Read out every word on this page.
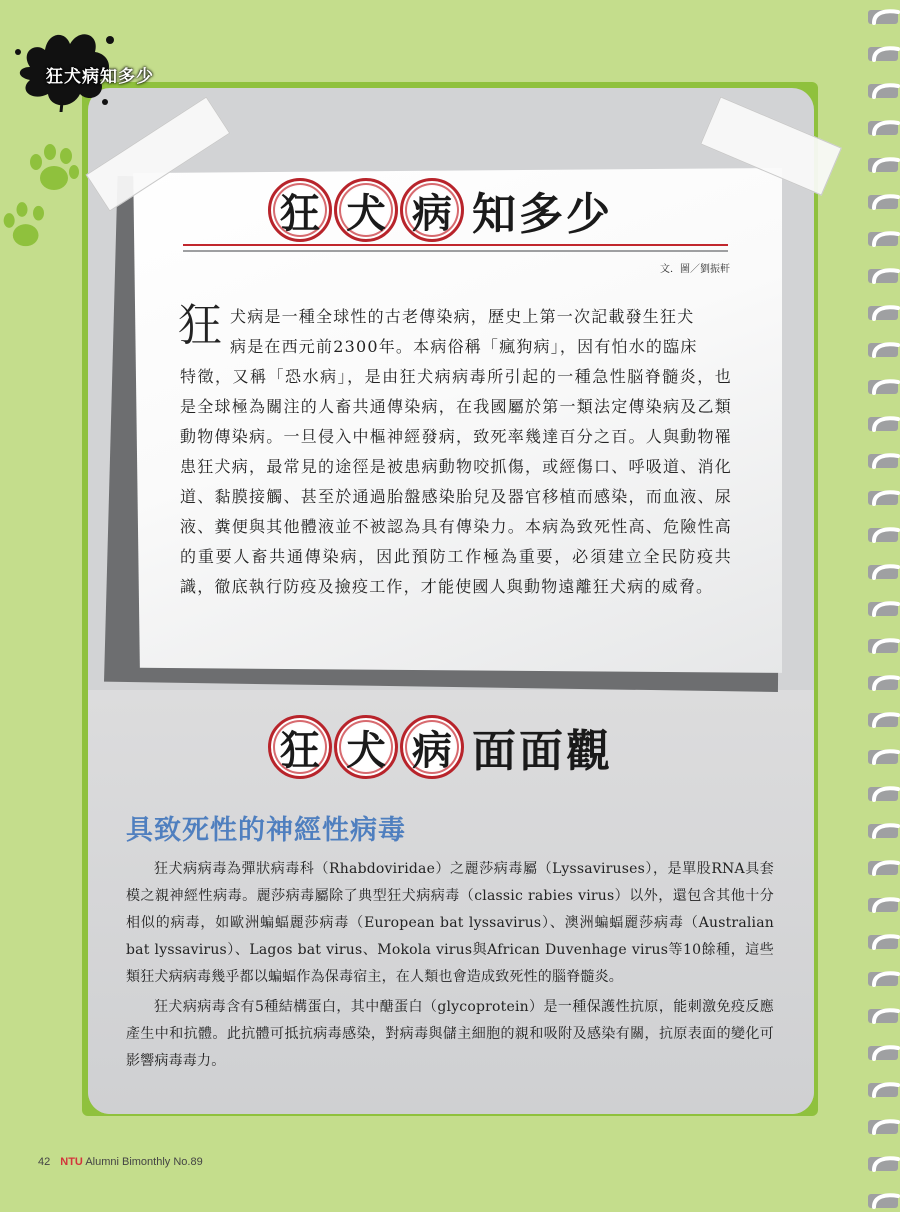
狂犬病知多少
狂 犬 病 知多少
文．圖／劉振軒
狂 犬病是一種全球性的古老傳染病，歷史上第一次記載發生狂犬
病是在西元前2300年。本病俗稱「瘋狗病」，因有怕水的臨床
特徵，又稱「恐水病」，是由狂犬病病毒所引起的一種急性脳脊髓炎，也是全球極為關注的人畜共通傳染病，在我國屬於第一類法定傳染病及乙類動物傳染病。一旦侵入中樞神經發病，致死率幾達百分之百。人與動物罹患狂犬病，最常見的途徑是被患病動物咬抓傷，或經傷口、呼吸道、消化道、黏膜接觸、甚至於通過胎盤感染胎兒及器官移植而感染，而血液、尿液、糞便與其他體液並不被認為具有傳染力。本病為致死性高、危險性高的重要人畜共通傳染病，因此預防工作極為重要，必須建立全民防疫共識，徹底執行防疫及撿疫工作，才能使國人與動物遠離狂犬病的威脅。
狂 犬 病 面面觀
具致死性的神經性病毒

狂犬病病毒為彈狀病毒科（Rhabdoviridae）之麗莎病毒屬（Lyssaviruses），是單股RNA具套模之親神經性病毒。麗莎病毒屬除了典型狂犬病病毒（classic rabies virus）以外，還包含其他十分相似的病毒，如歐洲蝙蝠麗莎病毒（European bat lyssavirus）、澳洲蝙蝠麗莎病毒（Australian bat lyssavirus）、Lagos bat virus、Mokola virus與African Duvenhage virus等10餘種，這些類狂犬病病毒幾乎都以蝙蝠作為保毒宿主，在人類也會造成致死性的腦脊髓炎。

狂犬病病毒含有5種結構蛋白，其中醣蛋白（glycoprotein）是一種保護性抗原，能刺激免疫反應產生中和抗體。此抗體可抵抗病毒感染，對病毒與儲主細胞的親和吸附及感染有關，抗原表面的變化可影響病毒毒力。

42 NTU Alumni Bimonthly No.89
